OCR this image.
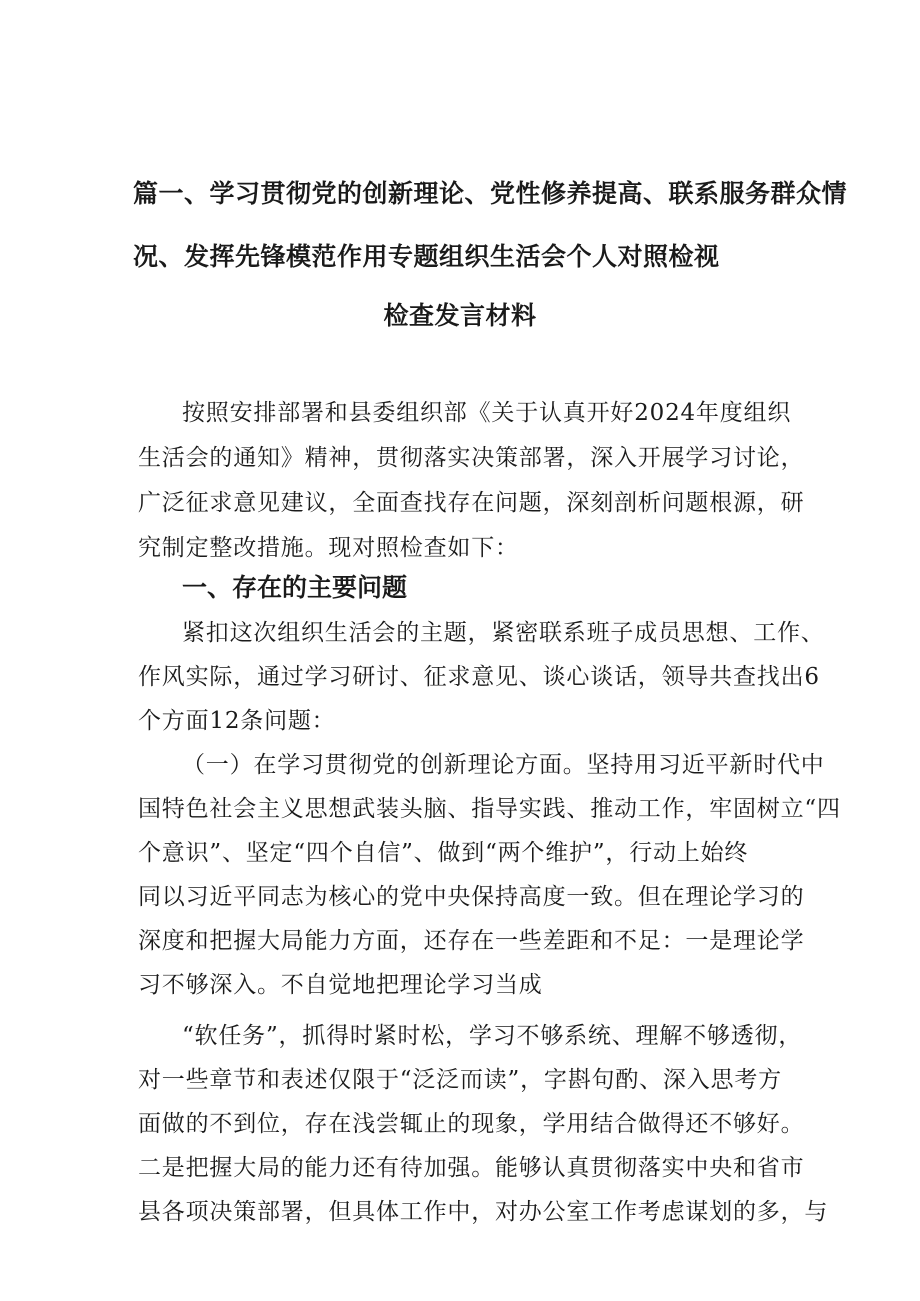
篇一、学习贯彻党的创新理论、党性修养提高、联系服务群众情
况、发挥先锋模范作用专题组织生活会个人对照检视
检查发言材料
按照安排部署和县委组织部《关于认真开好2024年度组织
生活会的通知》精神，贯彻落实决策部署，深入开展学习讨论，
广泛征求意见建议，全面查找存在问题，深刻剖析问题根源，研
究制定整改措施。现对照检查如下：
一、存在的主要问题
紧扣这次组织生活会的主题，紧密联系班子成员思想、工作、
作风实际，通过学习研讨、征求意见、谈心谈话，领导共查找出6
个方面12条问题：
（一）在学习贯彻党的创新理论方面。坚持用习近平新时代中
国特色社会主义思想武装头脑、指导实践、推动工作，牢固树立“四
个意识”、坚定“四个自信”、做到“两个维护”，行动上始终
同以习近平同志为核心的党中央保持高度一致。但在理论学习的
深度和把握大局能力方面，还存在一些差距和不足：一是理论学
习不够深入。不自觉地把理论学习当成
“软任务”，抓得时紧时松，学习不够系统、理解不够透彻，
对一些章节和表述仅限于“泛泛而读”，字斟句酌、深入思考方
面做的不到位，存在浅尝辄止的现象，学用结合做得还不够好。
二是把握大局的能力还有待加强。能够认真贯彻落实中央和省市
县各项决策部署，但具体工作中，对办公室工作考虑谋划的多，与
